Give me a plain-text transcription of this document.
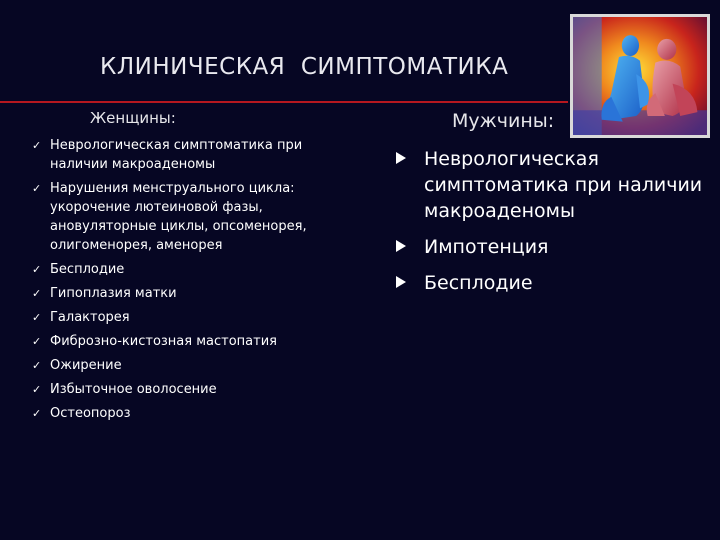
КЛИНИЧЕСКАЯ  СИМПТОМАТИКА
Женщины:
✓ Неврологическая симптоматика при наличии макроаденомы
✓ Нарушения менструального цикла: укорочение лютеиновой фазы, ановуляторные циклы, опсоменорея, олигоменорея, аменорея
✓ Бесплодие
✓ Гипоплазия матки
✓ Галакторея
✓ Фиброзно-кистозная мастопатия
✓ Ожирение
✓ Избыточное оволосение
✓ Остеопороз
Мужчины:
Неврологическая симптоматика при наличии макроаденомы
Импотенция
Бесплодие
